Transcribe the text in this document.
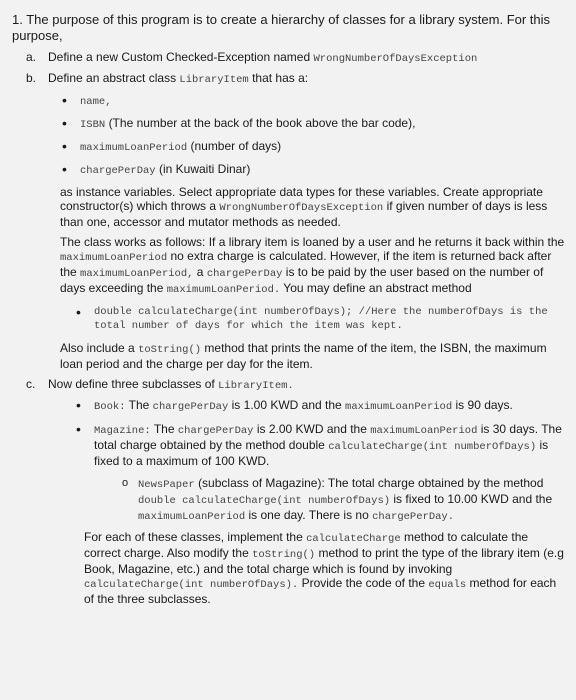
1. The purpose of this program is to create a hierarchy of classes for a library system. For this purpose,

a. Define a new Custom Checked-Exception named WrongNumberOfDaysException
b. Define an abstract class LibraryItem that has a:
•	name,
•	ISBN (The number at the back of the book above the bar code),
•	maximumLoanPeriod (number of days)
•	chargePerDay (in Kuwaiti Dinar)

as instance variables. Select appropriate data types for these variables. Create appropriate constructor(s) which throws a WrongNumberOfDaysException if given number of days is less than one, accessor and mutator methods as needed.

The class works as follows: If a library item is loaned by a user and he returns it back within the maximumLoanPeriod no extra charge is calculated. However, if the item is returned back after the maximumLoanPeriod, a chargePerDay is to be paid by the user based on the number of days exceeding the maximumLoanPeriod. You may define an abstract method

•	double calculateCharge(int numberOfDays); //Here the numberOfDays is the total number of days for which the item was kept.

Also include a toString() method that prints the name of the item, the ISBN, the maximum loan period and the charge per day for the item.

c.	Now define three subclasses of LibraryItem.
•	Book: The chargePerDay is 1.00 KWD and the maximumLoanPeriod is 90 days.
•	Magazine: The chargePerDay is 2.00 KWD and the maximumLoanPeriod is 30 days. The total charge obtained by the method double calculateCharge(int numberOfDays) is fixed to a maximum of 100 KWD.
o NewsPaper (subclass of Magazine): The total charge obtained by the method double calculateCharge(int numberOfDays) is fixed to 10.00 KWD and the maximumLoanPeriod is one day. There is no chargePerDay.

For each of these classes, implement the calculateCharge method to calculate the correct charge. Also modify the toString() method to print the type of the library item (e.g Book, Magazine, etc.) and the total charge which is found by invoking calculateCharge(int numberOfDays). Provide the code of the equals method for each of the three subclasses.
